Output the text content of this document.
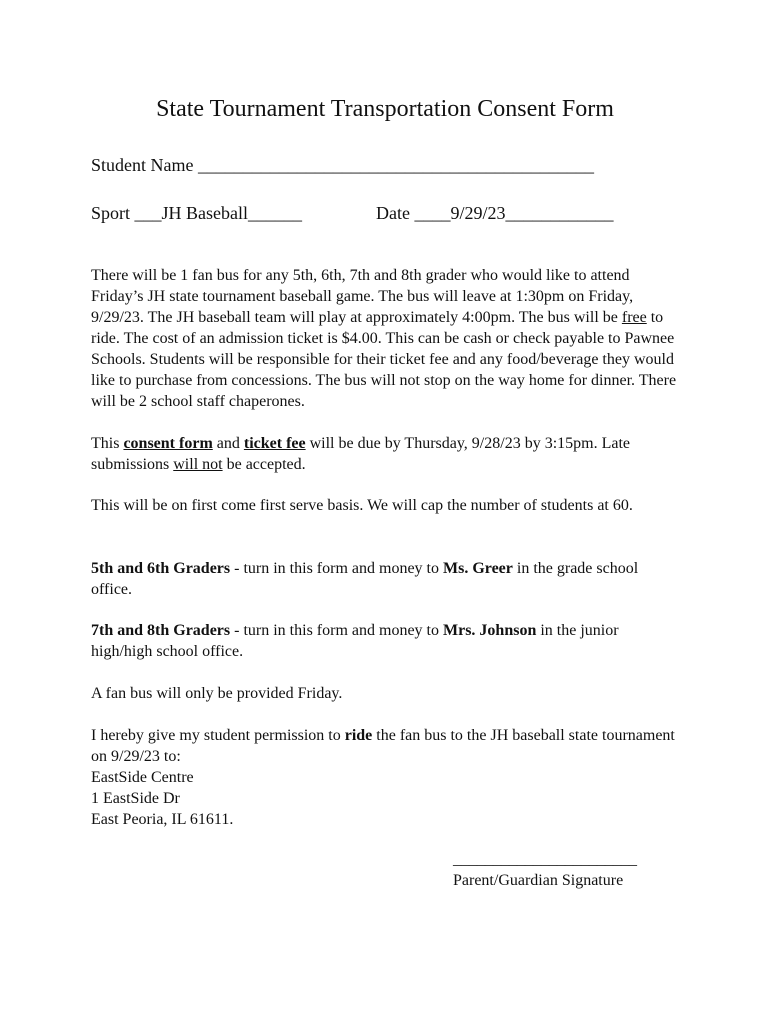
State Tournament Transportation Consent Form
Student Name ____________________________________________
Sport ___JH Baseball______	Date ____9/29/23____________

There will be 1 fan bus for any 5th, 6th, 7th and 8th grader who would like to attend Friday’s JH state tournament baseball game. The bus will leave at 1:30pm on Friday, 9/29/23. The JH baseball team will play at approximately 4:00pm. The bus will be free to ride. The cost of an admission ticket is $4.00. This can be cash or check payable to Pawnee Schools. Students will be responsible for their ticket fee and any food/beverage they would like to purchase from concessions. The bus will not stop on the way home for dinner. There will be 2 school staff chaperones.

This consent form and ticket fee will be due by Thursday, 9/28/23 by 3:15pm. Late submissions will not be accepted.

This will be on first come first serve basis. We will cap the number of students at 60.

5th and 6th Graders - turn in this form and money to Ms. Greer in the grade school office.

7th and 8th Graders - turn in this form and money to Mrs. Johnson in the junior high/high school office.

A fan bus will only be provided Friday.

I hereby give my student permission to ride the fan bus to the JH baseball state tournament on 9/29/23 to:
EastSide Centre
1 EastSide Dr
East Peoria, IL 61611.

_______________________
Parent/Guardian Signature
